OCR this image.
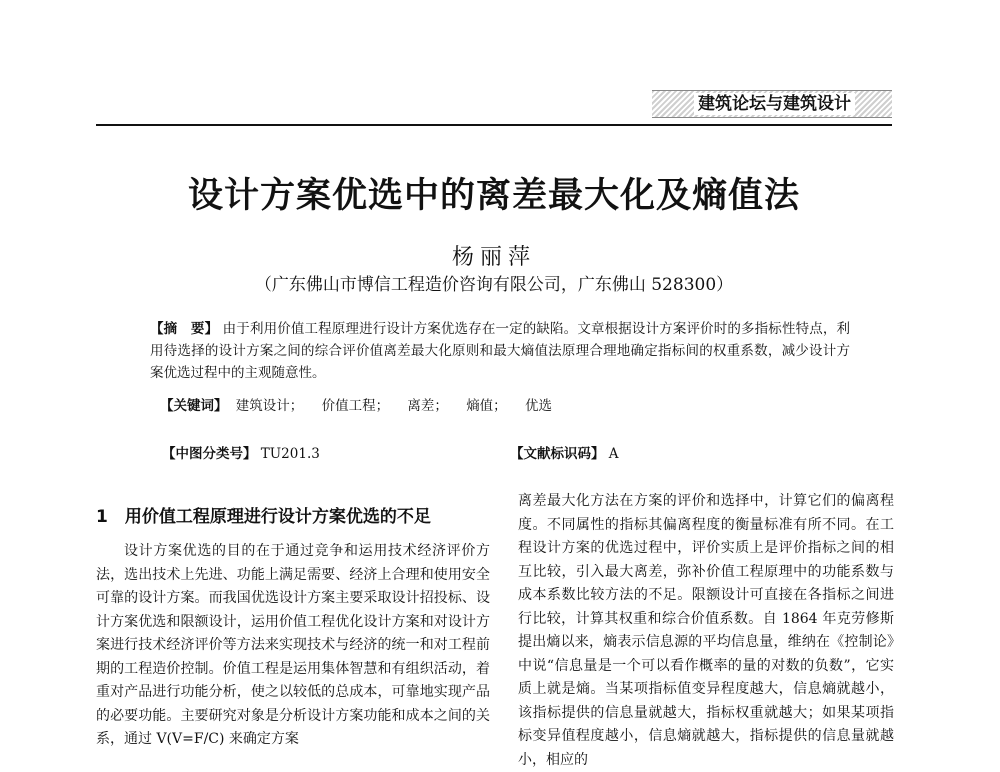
建筑论坛与建筑设计
设计方案优选中的离差最大化及熵值法
杨丽萍
（广东佛山市博信工程造价咨询有限公司，广东佛山 528300）
【摘　要】 由于利用价值工程原理进行设计方案优选存在一定的缺陷。文章根据设计方案评价时的多指标性特点，利用待选择的设计方案之间的综合评价值离差最大化原则和最大熵值法原理合理地确定指标间的权重系数，减少设计方案优选过程中的主观随意性。
【关键词】 建筑设计； 价值工程； 离差； 熵值； 优选
【中图分类号】 TU201.3	【文献标识码】 A
1　用价值工程原理进行设计方案优选的不足

设计方案优选的目的在于通过竞争和运用技术经济评价方法，选出技术上先进、功能上满足需要、经济上合理和使用安全可靠的设计方案。而我国优选设计方案主要采取设计招投标、设计方案优选和限额设计，运用价值工程优化设计方案和对设计方案进行技术经济评价等方法来实现技术与经济的统一和对工程前期的工程造价控制。价值工程是运用集体智慧和有组织活动，着重对产品进行功能分析，使之以较低的总成本，可靠地实现产品的必要功能。主要研究对象是分析设计方案功能和成本之间的关系，通过 V(V=F/C) 来确定方案

离差最大化方法在方案的评价和选择中，计算它们的偏离程度。不同属性的指标其偏离程度的衡量标准有所不同。在工程设计方案的优选过程中，评价实质上是评价指标之间的相互比较，引入最大离差，弥补价值工程原理中的功能系数与成本系数比较方法的不足。限额设计可直接在各指标之间进行比较，计算其权重和综合价值系数。自 1864 年克劳修斯提出熵以来，熵表示信息源的平均信息量，维纳在《控制论》中说“信息量是一个可以看作概率的量的对数的负数”，它实质上就是熵。当某项指标值变异程度越大，信息熵就越小，该指标提供的信息量就越大，指标权重就越大；如果某项指标变异值程度越小，信息熵就越大，指标提供的信息量就越小，相应的
